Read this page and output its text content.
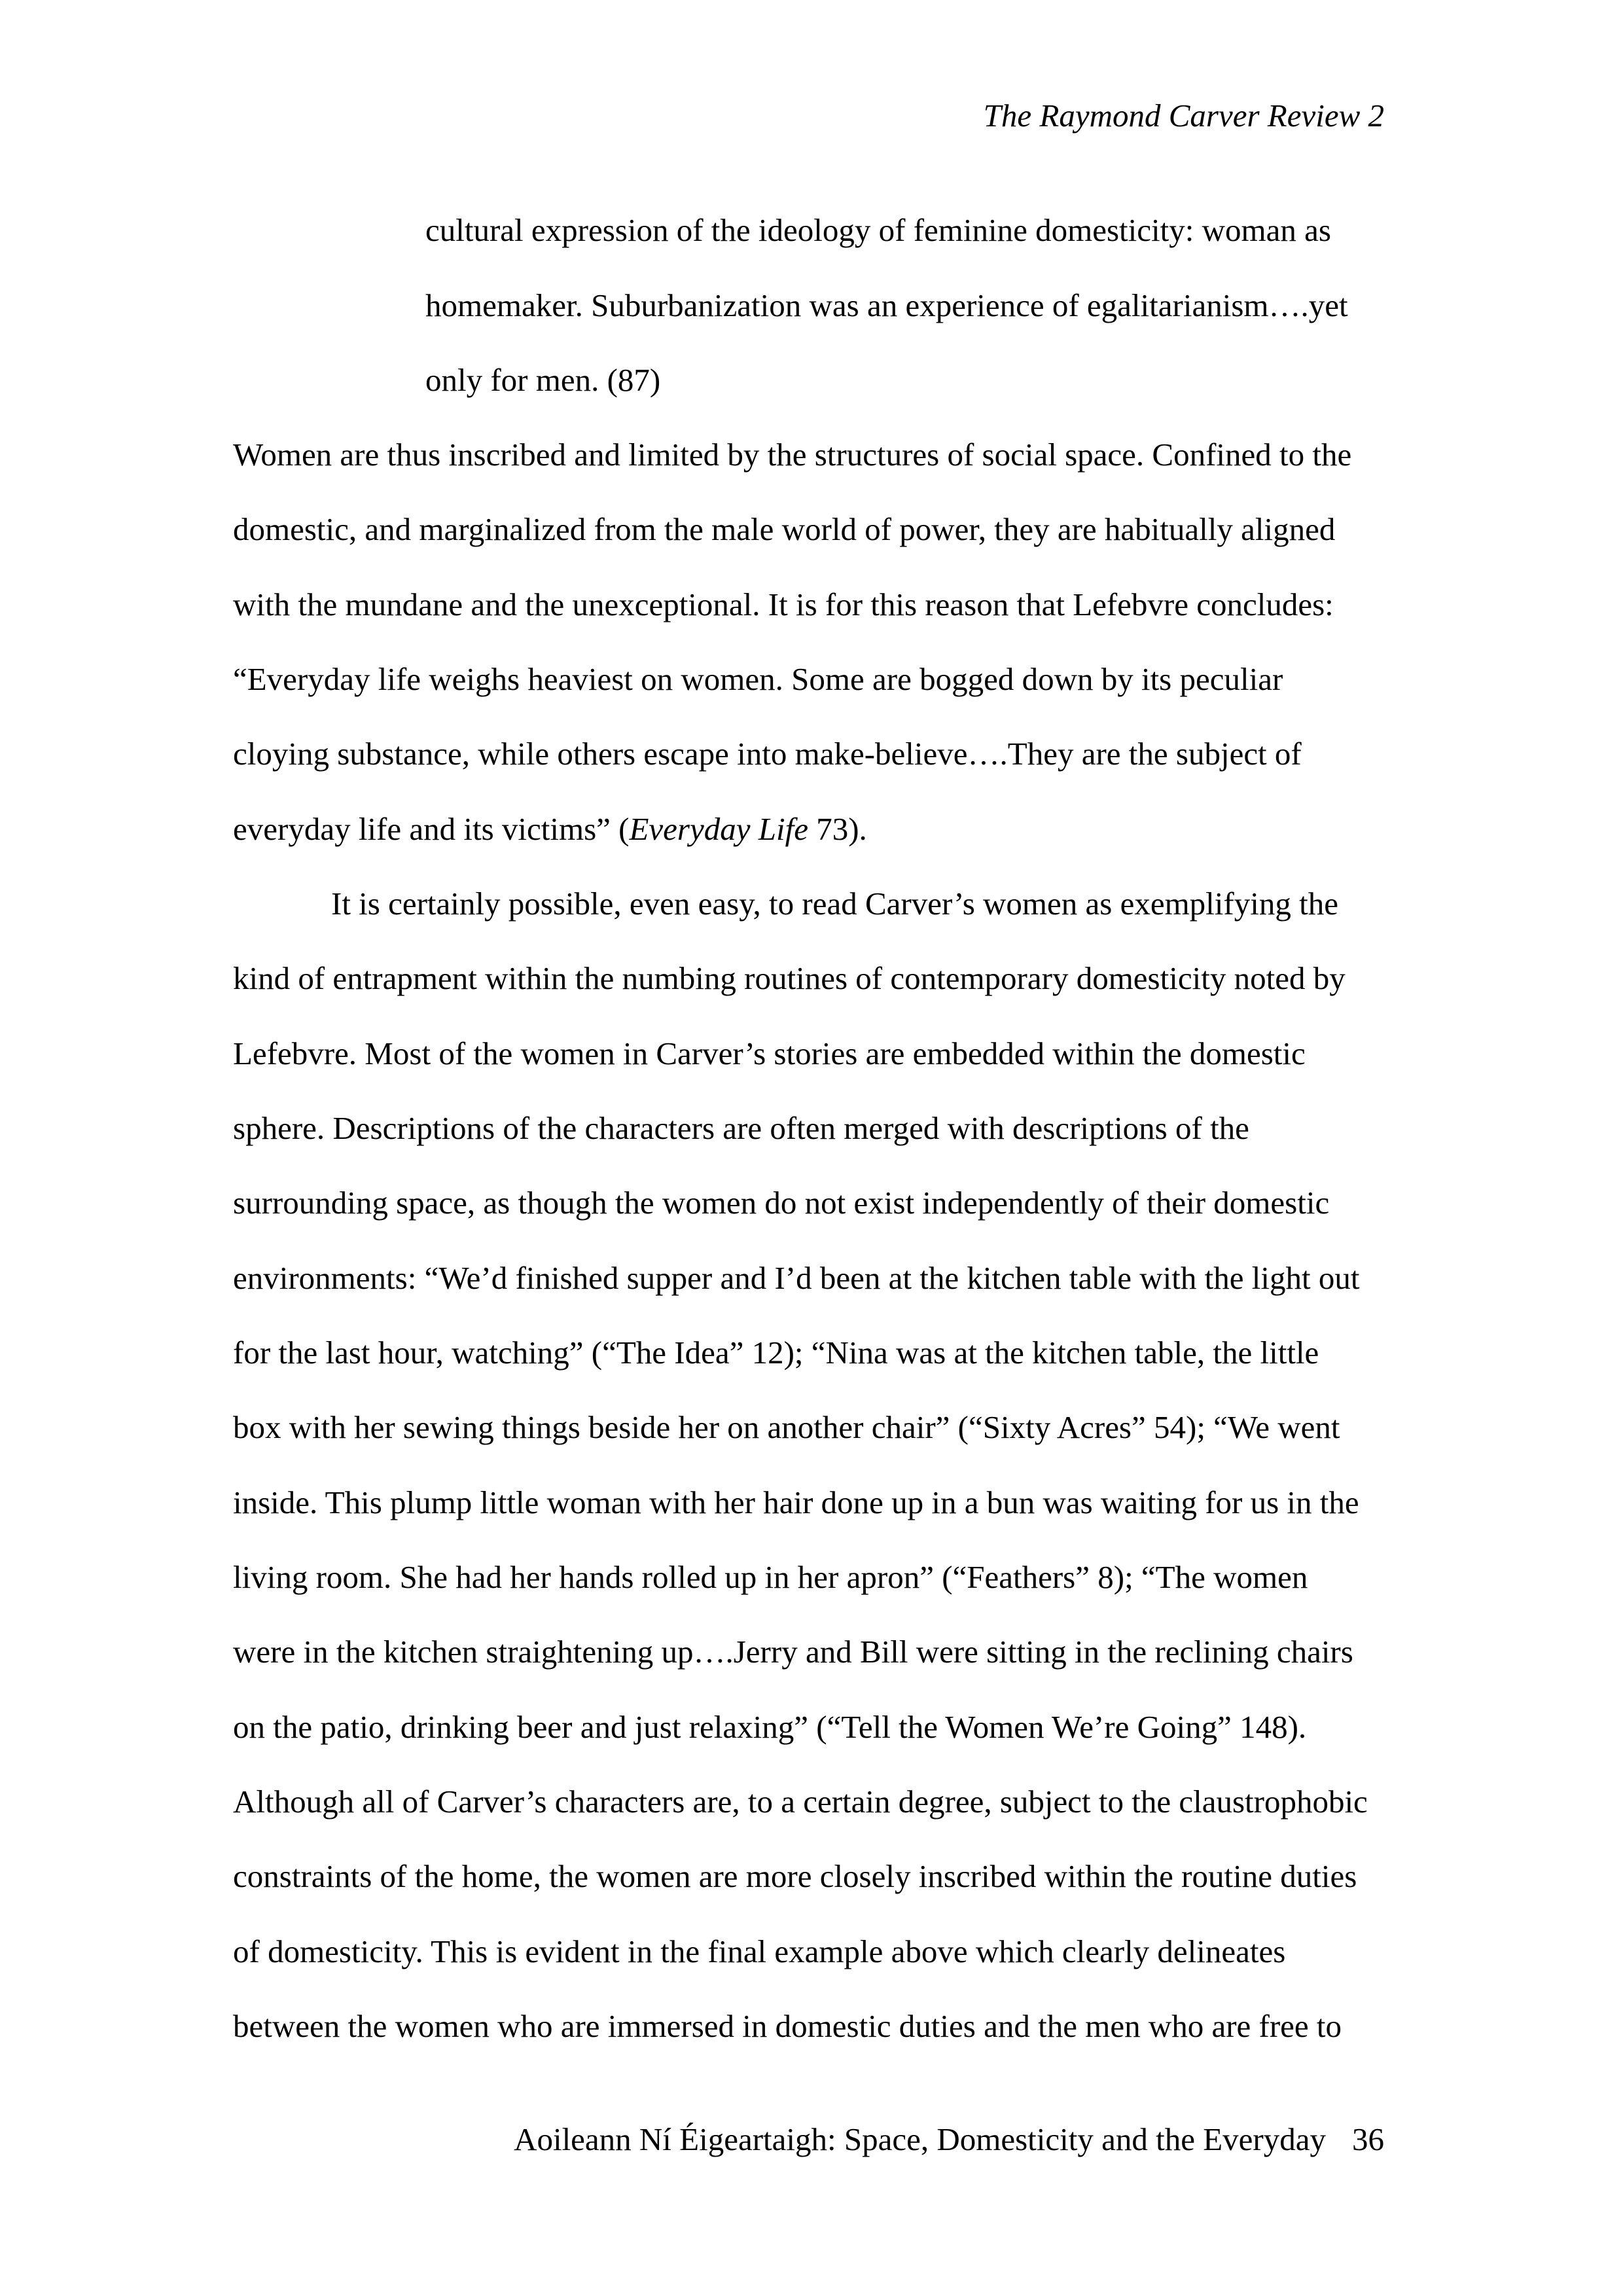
The Raymond Carver Review 2
cultural expression of the ideology of feminine domesticity: woman as
homemaker. Suburbanization was an experience of egalitarianism….yet
only for men. (87)
Women are thus inscribed and limited by the structures of social space. Confined to the
domestic, and marginalized from the male world of power, they are habitually aligned
with the mundane and the unexceptional. It is for this reason that Lefebvre concludes:
“Everyday life weighs heaviest on women. Some are bogged down by its peculiar
cloying substance, while others escape into make-believe….They are the subject of
everyday life and its victims” (Everyday Life 73).
It is certainly possible, even easy, to read Carver’s women as exemplifying the
kind of entrapment within the numbing routines of contemporary domesticity noted by
Lefebvre. Most of the women in Carver’s stories are embedded within the domestic
sphere. Descriptions of the characters are often merged with descriptions of the
surrounding space, as though the women do not exist independently of their domestic
environments: “We’d finished supper and I’d been at the kitchen table with the light out
for the last hour, watching” (“The Idea” 12); “Nina was at the kitchen table, the little
box with her sewing things beside her on another chair” (“Sixty Acres” 54); “We went
inside. This plump little woman with her hair done up in a bun was waiting for us in the
living room. She had her hands rolled up in her apron” (“Feathers” 8); “The women
were in the kitchen straightening up….Jerry and Bill were sitting in the reclining chairs
on the patio, drinking beer and just relaxing” (“Tell the Women We’re Going” 148).
Although all of Carver’s characters are, to a certain degree, subject to the claustrophobic
constraints of the home, the women are more closely inscribed within the routine duties
of domesticity. This is evident in the final example above which clearly delineates
between the women who are immersed in domestic duties and the men who are free to
Aoileann Ní Éigeartaigh: Space, Domesticity and the Everyday 36
